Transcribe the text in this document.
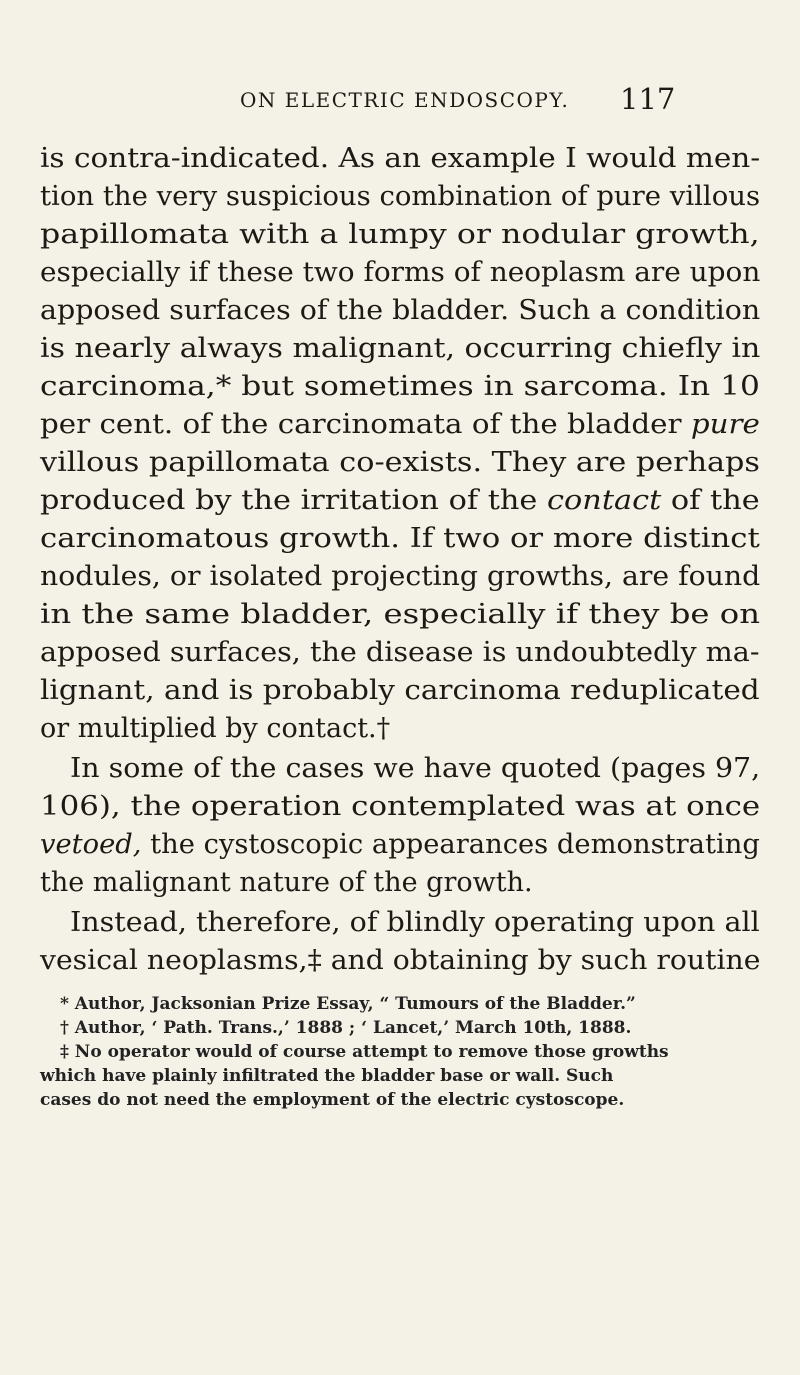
ON ELECTRIC ENDOSCOPY. 117
is contra-indicated. As an example I would men-
tion the very suspicious combination of pure villous
papillomata with a lumpy or nodular growth,
especially if these two forms of neoplasm are upon
apposed surfaces of the bladder. Such a condition
is nearly always malignant, occurring chiefly in
carcinoma,* but sometimes in sarcoma. In 10
per cent. of the carcinomata of the bladder pure
villous papillomata co-exists. They are perhaps
produced by the irritation of the contact of the
carcinomatous growth. If two or more distinct
nodules, or isolated projecting growths, are found
in the same bladder, especially if they be on
apposed surfaces, the disease is undoubtedly ma-
lignant, and is probably carcinoma reduplicated
or multiplied by contact.†
In some of the cases we have quoted (pages 97,
106), the operation contemplated was at once
vetoed, the cystoscopic appearances demonstrating
the malignant nature of the growth.
Instead, therefore, of blindly operating upon all
vesical neoplasms,‡ and obtaining by such routine
* Author, Jacksonian Prize Essay, “ Tumours of the Bladder.”
† Author, ‘ Path. Trans.,’ 1888 ; ‘ Lancet,’ March 10th, 1888.
‡ No operator would of course attempt to remove those growths
which have plainly infiltrated the bladder base or wall. Such
cases do not need the employment of the electric cystoscope.
